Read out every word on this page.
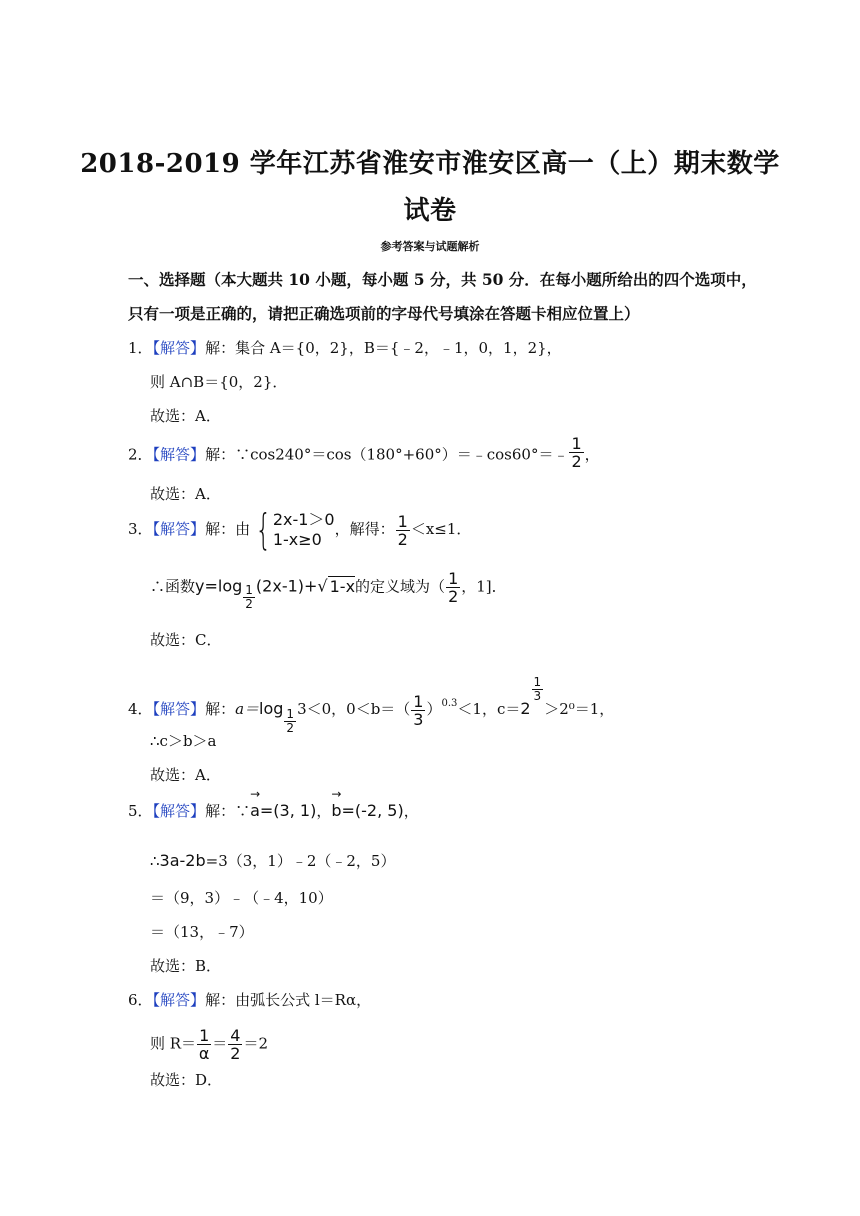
2018-2019 学年江苏省淮安市淮安区高一（上）期末数学
试卷
参考答案与试题解析
一、选择题（本大题共 10 小题，每小题 5 分，共 50 分．在每小题所给出的四个选项中，
只有一项是正确的，请把正确选项前的字母代号填涂在答题卡相应位置上）
1．【解答】解：集合 A＝{0，2}，B＝{﹣2，﹣1，0，1，2}，
则 A∩B＝{0，2}．
故选：A．
2．【解答】解：∵cos240°＝cos（180°+60°）＝﹣cos60°＝﹣ $\frac{1}{2}$ ，
故选：A．
3．【解答】解：由 { 2x-1＞0
1-x≥0
，解得： $\frac{1}{2} <x\le 1$．
∴函数$y=\log \frac{1}{2} (2x-1)+√$ 1-x的定义域为（ $\frac{1}{2}$ ，1]．
故选：C．
4．【解答】解：$a=\log \frac{1}{2} 3<0$，$0<b=( \frac{1}{3} )^{0.3}<1$，c＝2
$\frac{1}{3}$
＞2⁰＝1，
∴c＞b＞a
故选：A．
5．【解答】解：∵→ a=(3, 1)，→ b=(-2, 5)，
∴3a-2b=3（3，1）﹣2（﹣2，5）
＝（9，3）﹣（﹣4，10）
＝（13，﹣7）
故选：B．
6．【解答】解：由弧长公式 l＝Rα，
则 $R= \frac{1}{\alpha} = \frac{4}{2} =2$
故选：D．
